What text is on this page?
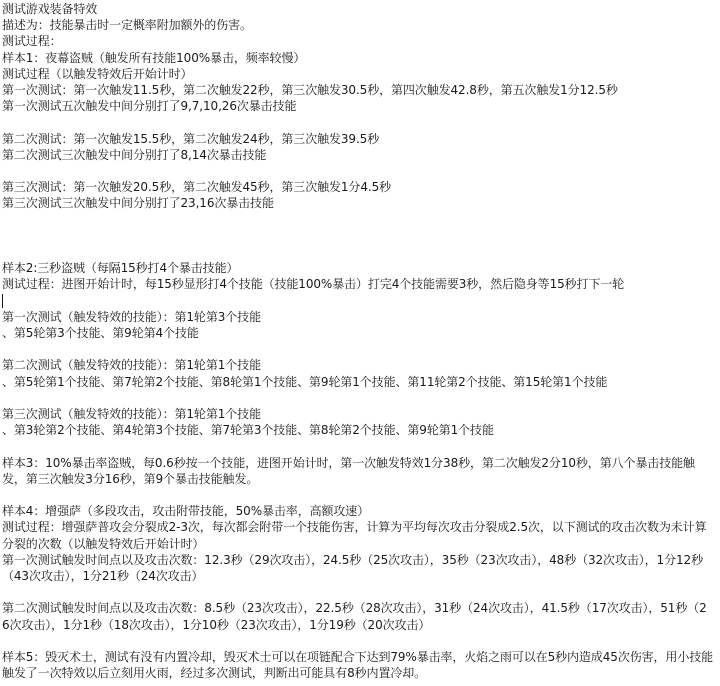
测试游戏装备特效
描述为：技能暴击时一定概率附加额外的伤害。
测试过程：
样本1：夜幕盗贼（触发所有技能100%暴击，频率较慢）
测试过程（以触发特效后开始计时）
第一次测试：第一次触发11.5秒，第二次触发22秒，第三次触发30.5秒，第四次触发42.8秒，第五次触发1分12.5秒
第一次测试五次触发中间分别打了9,7,10,26次暴击技能
第二次测试：第一次触发15.5秒，第二次触发24秒，第三次触发39.5秒
第二次测试三次触发中间分别打了8,14次暴击技能
第三次测试：第一次触发20.5秒，第二次触发45秒，第三次触发1分4.5秒
第三次测试三次触发中间分别打了23,16次暴击技能
样本2:三秒盗贼（每隔15秒打4个暴击技能）
测试过程：进图开始计时，每15秒显形打4个技能（技能100%暴击）打完4个技能需要3秒，然后隐身等15秒打下一轮
第一次测试（触发特效的技能）：第1轮第3个技能
、第5轮第3个技能、第9轮第4个技能
第二次测试（触发特效的技能）：第1轮第1个技能
、第5轮第1个技能、第7轮第2个技能、第8轮第1个技能、第9轮第1个技能、第11轮第2个技能、第15轮第1个技能
第三次测试（触发特效的技能）：第1轮第1个技能
、第3轮第2个技能、第4轮第3个技能、第7轮第3个技能、第8轮第2个技能、第9轮第1个技能
样本3：10%暴击率盗贼，每0.6秒按一个技能，进图开始计时，第一次触发特效1分38秒，第二次触发2分10秒，第八个暴击技能触发，第三次触发3分16秒，第9个暴击技能触发。
样本4：增强萨（多段攻击，攻击附带技能，50%暴击率，高额攻速）
测试过程：增强萨普攻会分裂成2-3次，每次都会附带一个技能伤害，计算为平均每次攻击分裂成2.5次，以下测试的攻击次数为未计算分裂的次数（以触发特效后开始计时）
第一次测试触发时间点以及攻击次数：12.3秒（29次攻击），24.5秒（25次攻击），35秒（23次攻击），48秒（32次攻击），1分12秒（43次攻击），1分21秒（24次攻击）
第二次测试触发时间点以及攻击次数：8.5秒（23次攻击），22.5秒（28次攻击），31秒（24次攻击），41.5秒（17次攻击），51秒（26次攻击），1分1秒（18次攻击），1分10秒（23次攻击），1分19秒（20次攻击）
样本5：毁灭术士，测试有没有内置冷却，毁灭术士可以在项链配合下达到79%暴击率，火焰之雨可以在5秒内造成45次伤害，用小技能触发了一次特效以后立刻用火雨，经过多次测试，判断出可能具有8秒内置冷却。
